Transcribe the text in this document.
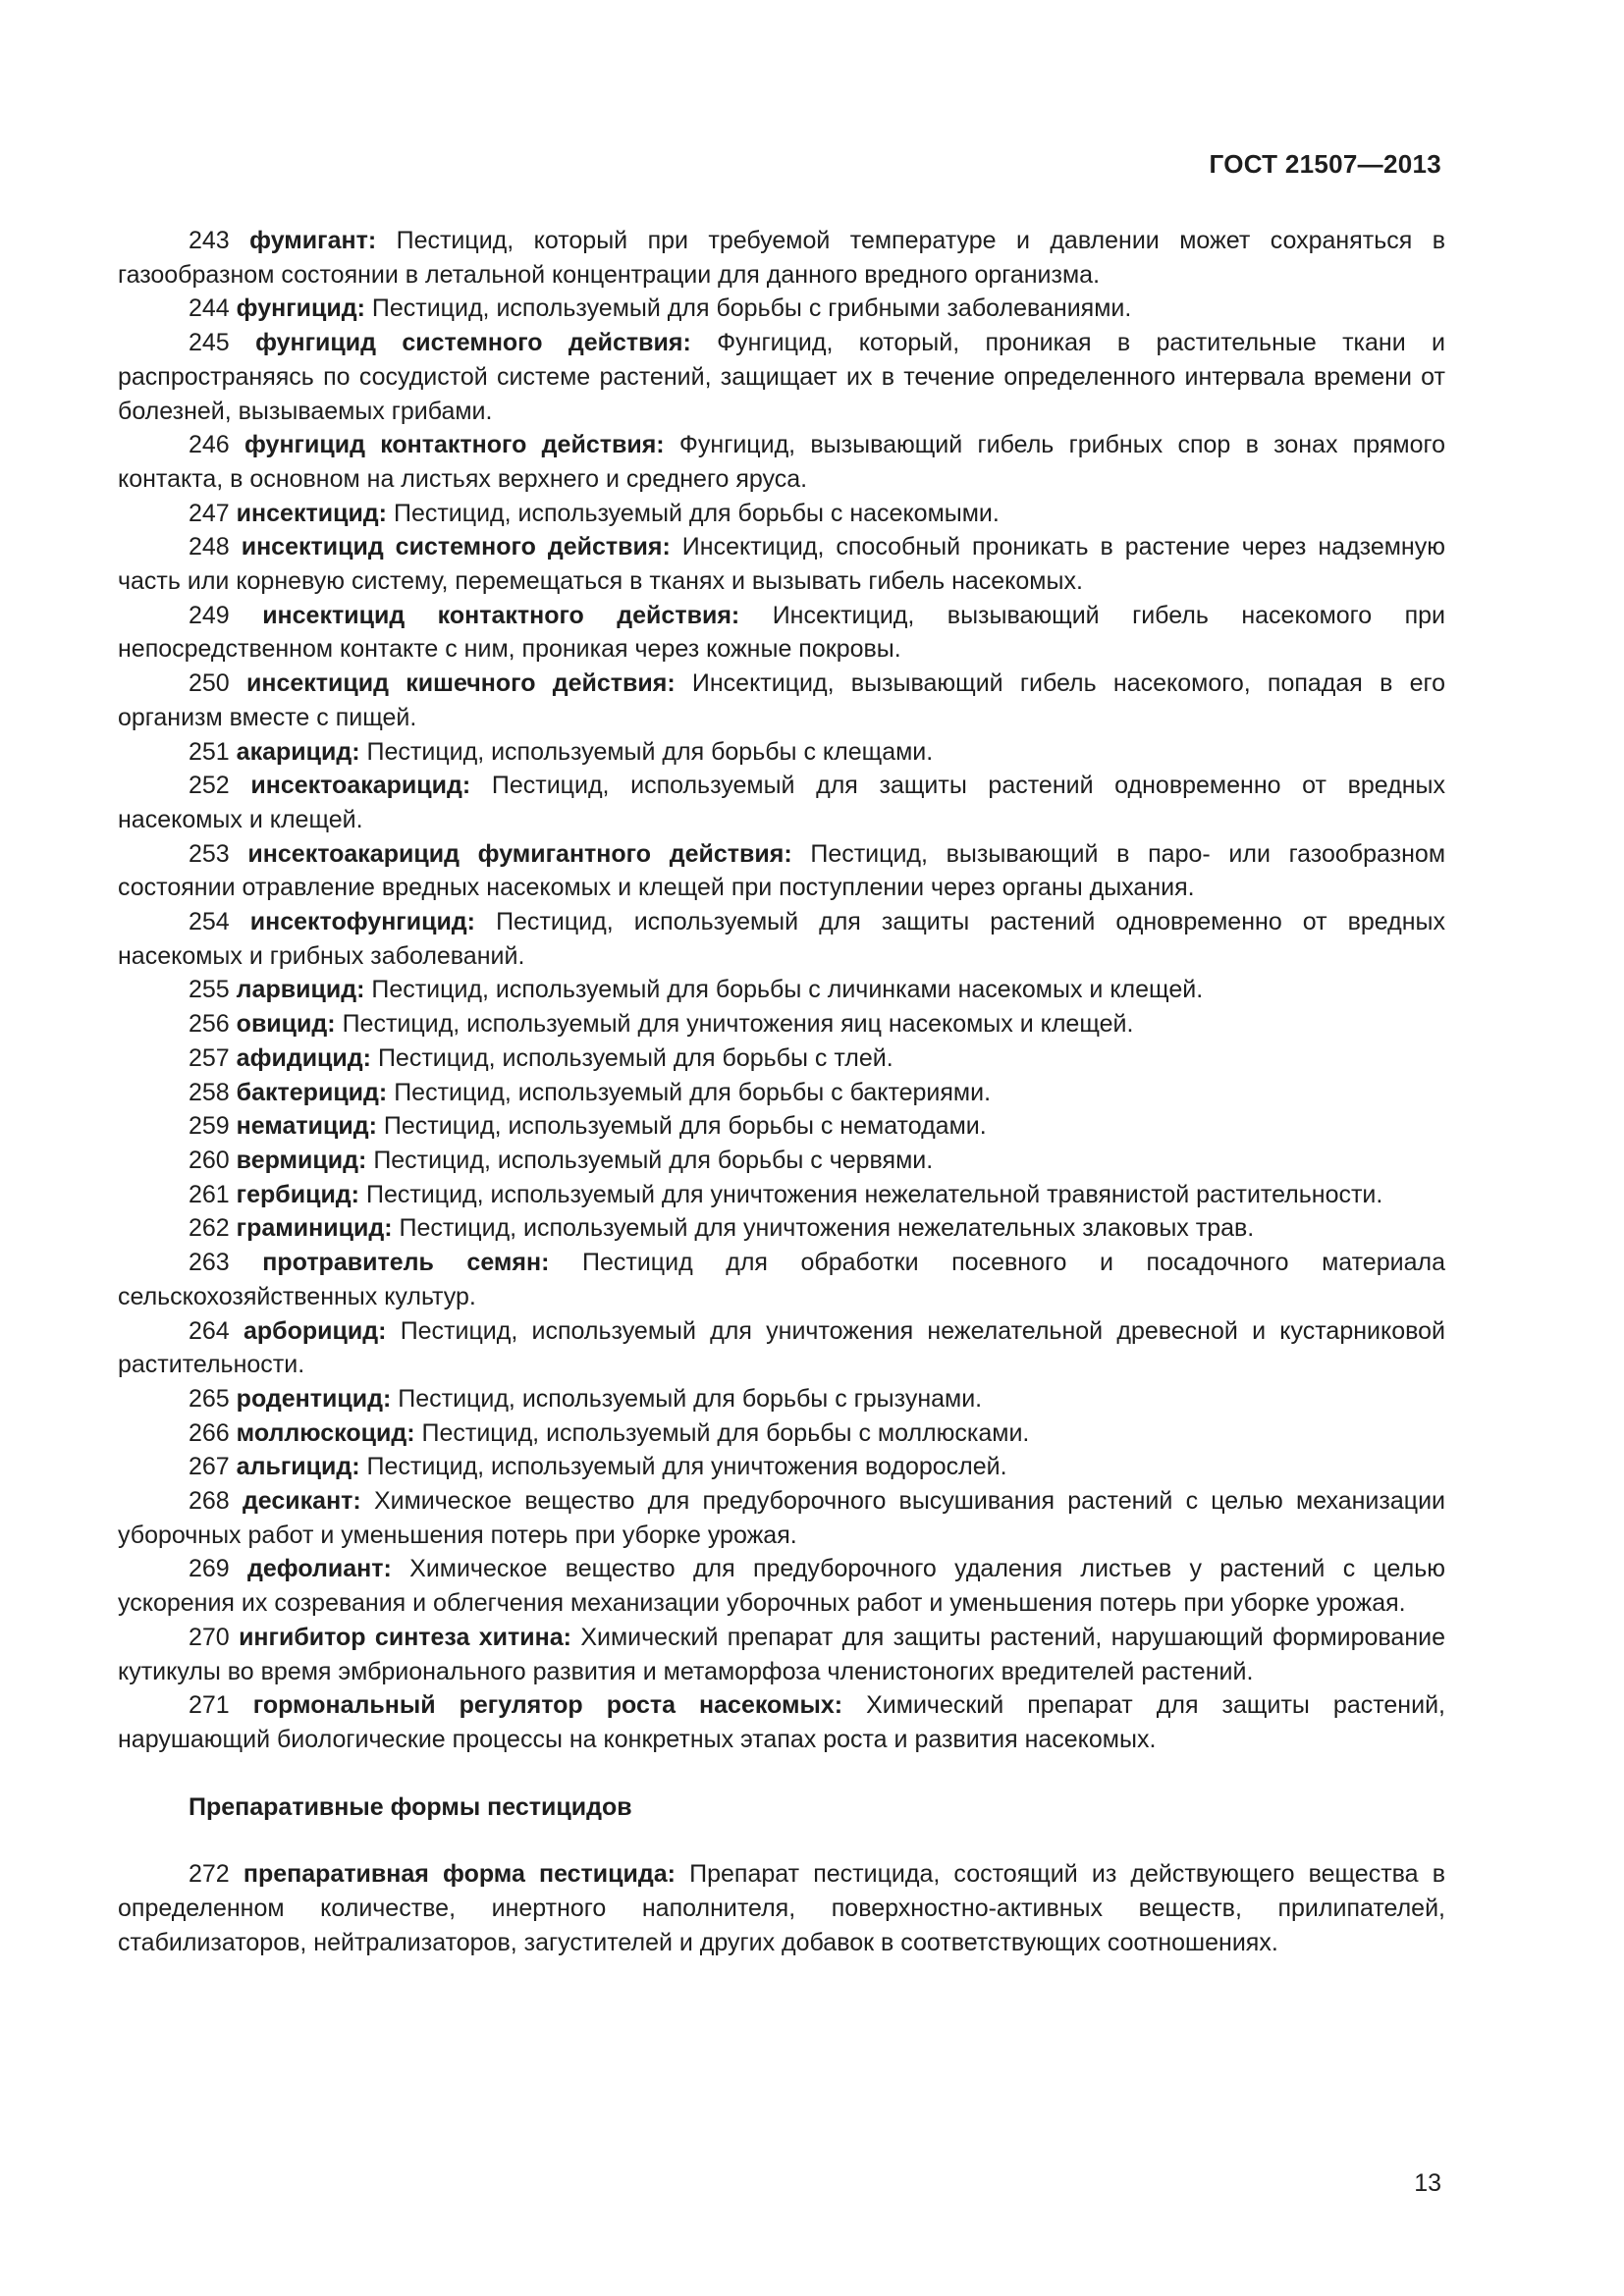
ГОСТ 21507—2013

243 фумигант: Пестицид, который при требуемой температуре и давлении может сохраняться в газообразном состоянии в летальной концентрации для данного вредного организма.

244 фунгицид: Пестицид, используемый для борьбы с грибными заболеваниями.

245 фунгицид системного действия: Фунгицид, который, проникая в растительные ткани и распространяясь по сосудистой системе растений, защищает их в течение определенного интервала времени от болезней, вызываемых грибами.

246 фунгицид контактного действия: Фунгицид, вызывающий гибель грибных спор в зонах прямого контакта, в основном на листьях верхнего и среднего яруса.

247 инсектицид: Пестицид, используемый для борьбы с насекомыми.

248 инсектицид системного действия: Инсектицид, способный проникать в растение через надземную часть или корневую систему, перемещаться в тканях и вызывать гибель насекомых.

249 инсектицид контактного действия: Инсектицид, вызывающий гибель насекомого при непосредственном контакте с ним, проникая через кожные покровы.

250 инсектицид кишечного действия: Инсектицид, вызывающий гибель насекомого, попадая в его организм вместе с пищей.

251 акарицид: Пестицид, используемый для борьбы с клещами.

252 инсектоакарицид: Пестицид, используемый для защиты растений одновременно от вредных насекомых и клещей.

253 инсектоакарицид фумигантного действия: Пестицид, вызывающий в паро- или газообразном состоянии отравление вредных насекомых и клещей при поступлении через органы дыхания.

254 инсектофунгицид: Пестицид, используемый для защиты растений одновременно от вредных насекомых и грибных заболеваний.

255 ларвицид: Пестицид, используемый для борьбы с личинками насекомых и клещей.

256 овицид: Пестицид, используемый для уничтожения яиц насекомых и клещей.

257 афидицид: Пестицид, используемый для борьбы с тлей.

258 бактерицид: Пестицид, используемый для борьбы с бактериями.

259 нематицид: Пестицид, используемый для борьбы с нематодами.

260 вермицид: Пестицид, используемый для борьбы с червями.

261 гербицид: Пестицид, используемый для уничтожения нежелательной травянистой растительности.

262 граминицид: Пестицид, используемый для уничтожения нежелательных злаковых трав.

263 протравитель семян: Пестицид для обработки посевного и посадочного материала сельскохозяйственных культур.

264 арборицид: Пестицид, используемый для уничтожения нежелательной древесной и кустарниковой растительности.

265 родентицид: Пестицид, используемый для борьбы с грызунами.

266 моллюскоцид: Пестицид, используемый для борьбы с моллюсками.

267 альгицид: Пестицид, используемый для уничтожения водорослей.

268 десикант: Химическое вещество для предуборочного высушивания растений с целью механизации уборочных работ и уменьшения потерь при уборке урожая.

269 дефолиант: Химическое вещество для предуборочного удаления листьев у растений с целью ускорения их созревания и облегчения механизации уборочных работ и уменьшения потерь при уборке урожая.

270 ингибитор синтеза хитина: Химический препарат для защиты растений, нарушающий формирование кутикулы во время эмбрионального развития и метаморфоза членистоногих вредителей растений.

271 гормональный регулятор роста насекомых: Химический препарат для защиты растений, нарушающий биологические процессы на конкретных этапах роста и развития насекомых.

Препаративные формы пестицидов

272 препаративная форма пестицида: Препарат пестицида, состоящий из действующего вещества в определенном количестве, инертного наполнителя, поверхностно-активных веществ, прилипателей, стабилизаторов, нейтрализаторов, загустителей и других добавок в соответствующих соотношениях.

13
